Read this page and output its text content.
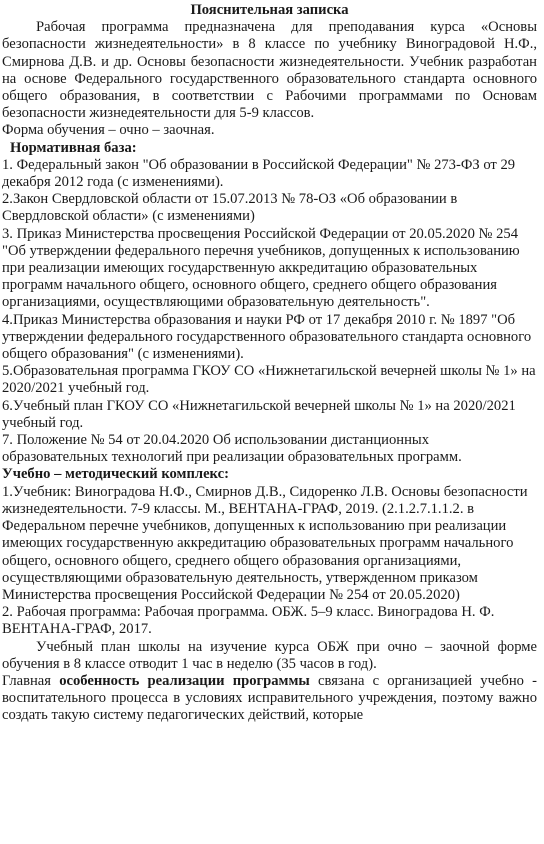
Пояснительная записка

Рабочая программа предназначена для преподавания курса «Основы безопасности жизнедеятельности» в 8 классе по учебнику Виноградовой Н.Ф., Смирнова Д.В. и др. Основы безопасности жизнедеятельности. Учебник разработан на основе Федерального государственного образовательного стандарта основного общего образования, в соответствии с Рабочими программами по Основам безопасности жизнедеятельности для 5-9 классов.

Форма обучения – очно – заочная.

Нормативная база:

1. Федеральный закон "Об образовании в Российской Федерации" № 273-ФЗ от 29 декабря 2012 года (с изменениями).

2.Закон Свердловской области от 15.07.2013 № 78-ОЗ «Об образовании в Свердловской области» (с изменениями)

3. Приказ Министерства просвещения Российской Федерации от 20.05.2020 № 254 "Об утверждении федерального перечня учебников, допущенных к использованию при реализации имеющих государственную аккредитацию образовательных программ начального общего, основного общего, среднего общего образования организациями, осуществляющими образовательную деятельность".

4.Приказ Министерства образования и науки РФ от 17 декабря 2010 г. № 1897 "Об утверждении федерального государственного образовательного стандарта основного общего образования" (с изменениями).

5.Образовательная программа ГКОУ СО «Нижнетагильской вечерней школы № 1» на 2020/2021 учебный год.

6.Учебный план ГКОУ СО «Нижнетагильской вечерней школы № 1» на 2020/2021 учебный год.

7. Положение № 54 от 20.04.2020 Об использовании дистанционных образовательных технологий при реализации образовательных программ.

Учебно – методический комплекс:

1.Учебник: Виноградова Н.Ф., Смирнов Д.В., Сидоренко Л.В. Основы безопасности жизнедеятельности. 7-9 классы. М., ВЕНТАНА-ГРАФ, 2019. (2.1.2.7.1.1.2. в Федеральном перечне учебников, допущенных к использованию при реализации имеющих государственную аккредитацию образовательных программ начального общего, основного общего, среднего общего образования организациями, осуществляющими образовательную деятельность, утвержденном приказом Министерства просвещения Российской Федерации № 254 от 20.05.2020)

2. Рабочая программа: Рабочая программа. ОБЖ. 5–9 класс. Виноградова Н. Ф. ВЕНТАНА-ГРАФ, 2017.

Учебный план школы на изучение курса ОБЖ при очно – заочной форме обучения в 8 классе отводит 1 час в неделю (35 часов в год).

Главная особенность реализации программы связана с организацией учебно - воспитательного процесса в условиях исправительного учреждения, поэтому важно создать такую систему педагогических действий, которые
